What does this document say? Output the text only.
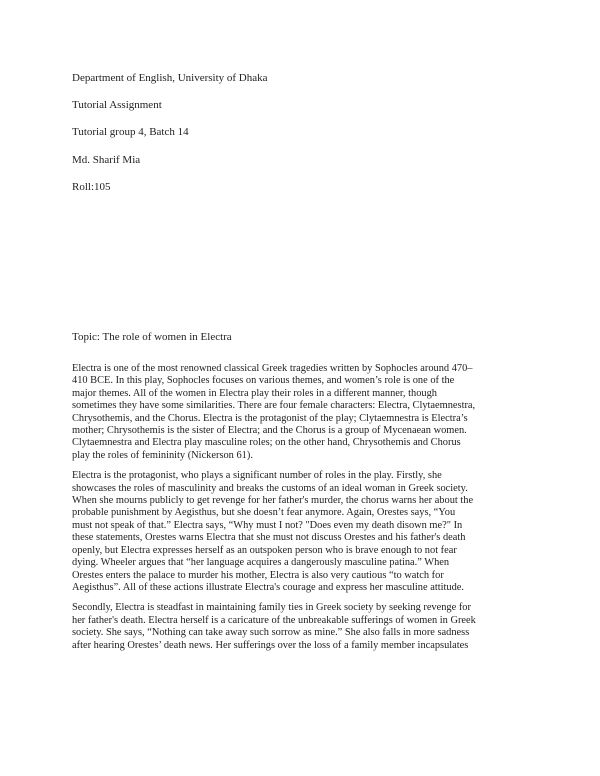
Department of English, University of Dhaka
Tutorial Assignment
Tutorial group 4, Batch 14
Md. Sharif Mia
Roll:105
Topic: The role of women in Electra
Electra is one of the most renowned classical Greek tragedies written by Sophocles around 470–
410 BCE. In this play, Sophocles focuses on various themes, and women’s role is one of the
major themes. All of the women in Electra play their roles in a different manner, though
sometimes they have some similarities. There are four female characters: Electra, Clytaemnestra,
Chrysothemis, and the Chorus. Electra is the protagonist of the play; Clytaemnestra is Electra’s
mother; Chrysothemis is the sister of Electra; and the Chorus is a group of Mycenaean women.
Clytaemnestra and Electra play masculine roles; on the other hand, Chrysothemis and Chorus
play the roles of femininity (Nickerson 61).
Electra is the protagonist, who plays a significant number of roles in the play. Firstly, she
showcases the roles of masculinity and breaks the customs of an ideal woman in Greek society.
When she mourns publicly to get revenge for her father's murder, the chorus warns her about the
probable punishment by Aegisthus, but she doesn’t fear anymore. Again, Orestes says, “You
must not speak of that.” Electra says, “Why must I not? "Does even my death disown me?" In
these statements, Orestes warns Electra that she must not discuss Orestes and his father's death
openly, but Electra expresses herself as an outspoken person who is brave enough to not fear
dying. Wheeler argues that “her language acquires a dangerously masculine patina.” When
Orestes enters the palace to murder his mother, Electra is also very cautious “to watch for
Aegisthus”. All of these actions illustrate Electra's courage and express her masculine attitude.
Secondly, Electra is steadfast in maintaining family ties in Greek society by seeking revenge for
her father's death. Electra herself is a caricature of the unbreakable sufferings of women in Greek
society. She says, “Nothing can take away such sorrow as mine.” She also falls in more sadness
after hearing Orestes’ death news. Her sufferings over the loss of a family member incapsulates
